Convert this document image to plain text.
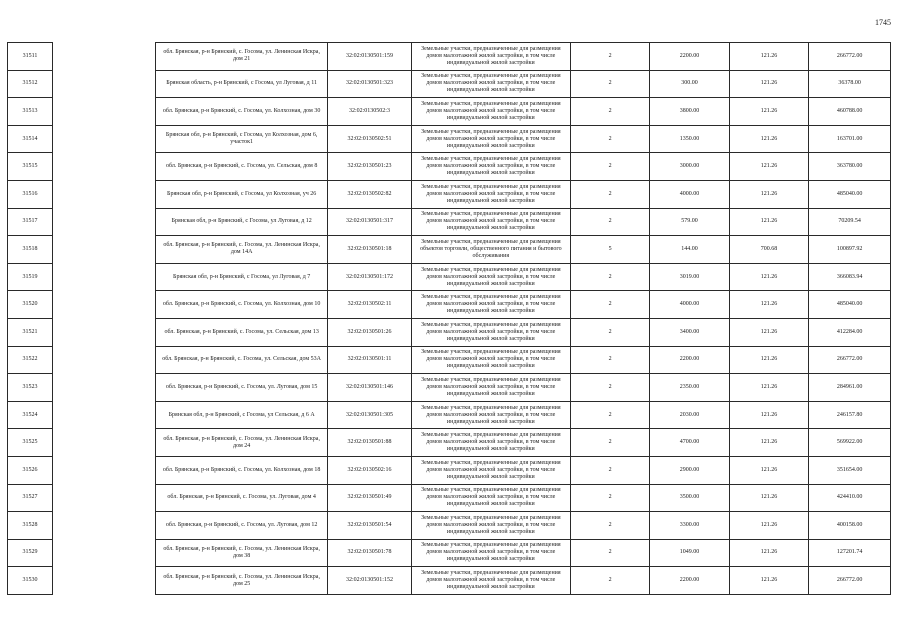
1745
31511		обл. Брянская, р-н Брянский, с. Госома, ул. Ленинская Искра, дом 21	32:02:0130501:159	Земельные участки, предназначенные для размещения домов малоэтажной жилой застройки, в том числе индивидуальной жилой застройки	2	2200.00	121.26	266772.00
31512		Брянская область, р-н Брянский, с Госома, ул Луговая, д 11	32:02:0130501:323	Земельные участки, предназначенные для размещения домов малоэтажной жилой застройки, в том числе индивидуальной жилой застройки	2	300.00	121.26	36378.00
31513		обл. Брянская, р-н Брянский, с. Госома, ул. Колхозная, дом 30	32:02:0130502:3	Земельные участки, предназначенные для размещения домов малоэтажной жилой застройки, в том числе индивидуальной жилой застройки	2	3800.00	121.26	460788.00
31514		Брянская обл, р-н Брянский, с Госома, ул Колхозная, дом 6, участок1	32:02:0130502:51	Земельные участки, предназначенные для размещения домов малоэтажной жилой застройки, в том числе индивидуальной жилой застройки	2	1350.00	121.26	163701.00
31515		обл. Брянская, р-н Брянский, с. Госома, ул. Сельская, дом 8	32:02:0130501:23	Земельные участки, предназначенные для размещения домов малоэтажной жилой застройки, в том числе индивидуальной жилой застройки	2	3000.00	121.26	363780.00
31516		Брянская обл, р-н Брянский, с Госома, ул Колхозная, уч 26	32:02:0130502:82	Земельные участки, предназначенные для размещения домов малоэтажной жилой застройки, в том числе индивидуальной жилой застройки	2	4000.00	121.26	485040.00
31517		Брянская обл, р-н Брянский, с Госома, ул Луговая, д 12	32:02:0130501:317	Земельные участки, предназначенные для размещения домов малоэтажной жилой застройки, в том числе индивидуальной жилой застройки	2	579.00	121.26	70209.54
31518		обл. Брянская, р-н Брянский, с. Госома, ул. Ленинская Искра, дом 14А	32:02:0130501:18	Земельные участки, предназначенные для размещения объектов торговли, общественного питания и бытового обслуживания	5	144.00	700.68	100897.92
31519		Брянская обл, р-н Брянский, с Госома, ул Луговая, д 7	32:02:0130501:172	Земельные участки, предназначенные для размещения домов малоэтажной жилой застройки, в том числе индивидуальной жилой застройки	2	3019.00	121.26	366083.94
31520		обл. Брянская, р-н Брянский, с. Госома, ул. Колхозная, дом 10	32:02:0130502:11	Земельные участки, предназначенные для размещения домов малоэтажной жилой застройки, в том числе индивидуальной жилой застройки	2	4000.00	121.26	485040.00
31521		обл. Брянская, р-н Брянский, с. Госома, ул. Сельская, дом 13	32:02:0130501:26	Земельные участки, предназначенные для размещения домов малоэтажной жилой застройки, в том числе индивидуальной жилой застройки	2	3400.00	121.26	412284.00
31522		обл. Брянская, р-н Брянский, с. Госома, ул. Сельская, дом 53А	32:02:0130501:11	Земельные участки, предназначенные для размещения домов малоэтажной жилой застройки, в том числе индивидуальной жилой застройки	2	2200.00	121.26	266772.00
31523		обл. Брянская, р-н Брянский, с. Госома, ул. Луговая, дом 15	32:02:0130501:146	Земельные участки, предназначенные для размещения домов малоэтажной жилой застройки, в том числе индивидуальной жилой застройки	2	2350.00	121.26	284961.00
31524		Брянская обл, р-н Брянский, с Госома, ул Сельская, д 6 А	32:02:0130501:305	Земельные участки, предназначенные для размещения домов малоэтажной жилой застройки, в том числе индивидуальной жилой застройки	2	2030.00	121.26	246157.80
31525		обл. Брянская, р-н Брянский, с. Госома, ул. Ленинская Искра, дом 24	32:02:0130501:88	Земельные участки, предназначенные для размещения домов малоэтажной жилой застройки, в том числе индивидуальной жилой застройки	2	4700.00	121.26	569922.00
31526		обл. Брянская, р-н Брянский, с. Госома, ул. Колхозная, дом 18	32:02:0130502:16	Земельные участки, предназначенные для размещения домов малоэтажной жилой застройки, в том числе индивидуальной жилой застройки	2	2900.00	121.26	351654.00
31527		обл. Брянская, р-н Брянский, с. Госома, ул. Луговая, дом 4	32:02:0130501:49	Земельные участки, предназначенные для размещения домов малоэтажной жилой застройки, в том числе индивидуальной жилой застройки	2	3500.00	121.26	424410.00
31528		обл. Брянская, р-н Брянский, с. Госома, ул. Луговая, дом 12	32:02:0130501:54	Земельные участки, предназначенные для размещения домов малоэтажной жилой застройки, в том числе индивидуальной жилой застройки	2	3300.00	121.26	400158.00
31529		обл. Брянская, р-н Брянский, с. Госома, ул. Ленинская Искра, дом 38	32:02:0130501:78	Земельные участки, предназначенные для размещения домов малоэтажной жилой застройки, в том числе индивидуальной жилой застройки	2	1049.00	121.26	127201.74
31530		обл. Брянская, р-н Брянский, с. Госома, ул. Ленинская Искра, дом 25	32:02:0130501:152	Земельные участки, предназначенные для размещения домов малоэтажной жилой застройки, в том числе индивидуальной жилой застройки	2	2200.00	121.26	266772.00
